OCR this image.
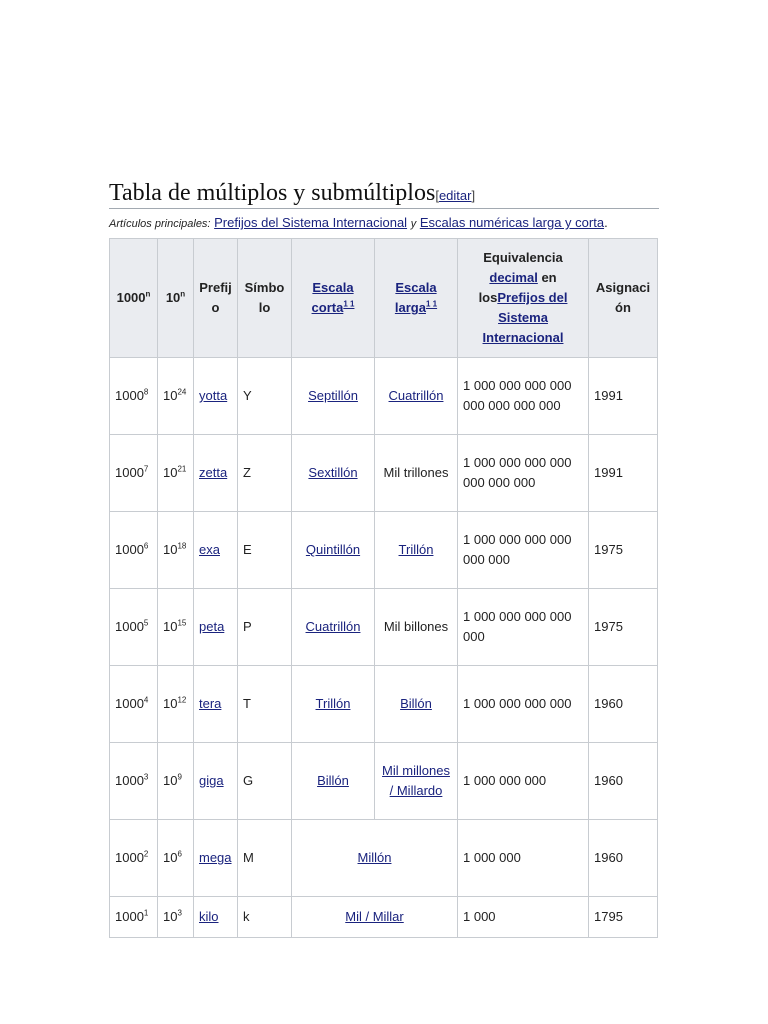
Tabla de múltiplos y submúltiplos[editar]
Artículos principales: Prefijos del Sistema Internacional y Escalas numéricas larga y corta.
1000$^n$	10$^n$	Prefijo	Símbolo	Escala corta$^{1 1}$	Escala larga$^{1 1}$	Equivalencia decimal en losPrefijos del Sistema Internacional	Asignación
1000$^8$	$10^{24}$	yotta	Y	Septillón	Cuatrillón	1 000 000 000 000 000 000 000 000	1991
1000$^7$	$10^{21}$	zetta	Z	Sextillón	Mil trillones	1 000 000 000 000 000 000 000	1991
1000$^6$	$10^{18}$	exa	E	Quintillón	Trillón	1 000 000 000 000 000 000	1975
1000$^5$	$10^{15}$	peta	P	Cuatrillón	Mil billones	1 000 000 000 000 000	1975
1000$^4$	$10^{12}$	tera	T	Trillón	Billón	1 000 000 000 000	1960
1000$^3$	$10^9$	giga	G	Billón	Mil millones / Millardo	1 000 000 000	1960
1000$^2$	$10^6$	mega	M	Millón		1 000 000	1960
1000$^1$	$10^3$	kilo	k	Mil / Millar		1 000	1795
